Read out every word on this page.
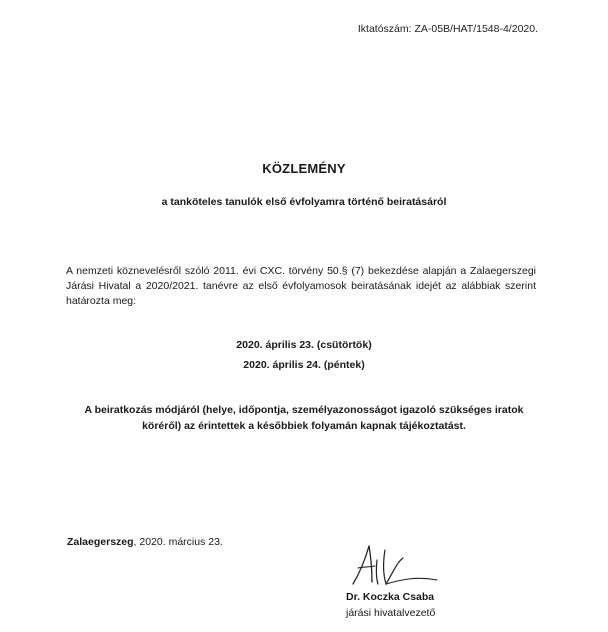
Iktatószám: ZA-05B/HAT/1548-4/2020.
KÖZLEMÉNY
a tanköteles tanulók első évfolyamra történő beiratásáról
A nemzeti köznevelésről szóló 2011. évi CXC. törvény 50.§ (7) bekezdése alapján a Zalaegerszegi
Járási Hivatal a 2020/2021. tanévre az első évfolyamosok beiratásának idejét az alábbiak szerint
határozta meg:
2020. április 23. (csütörtök)
2020. április 24. (péntek)
A beiratkozás módjáról (helye, időpontja, személyazonosságot igazoló szükséges iratok
köréről) az érintettek a későbbiek folyamán kapnak tájékoztatást.
Zalaegerszeg, 2020. március 23.
Dr. Koczka Csaba
járási hivatalvezető
